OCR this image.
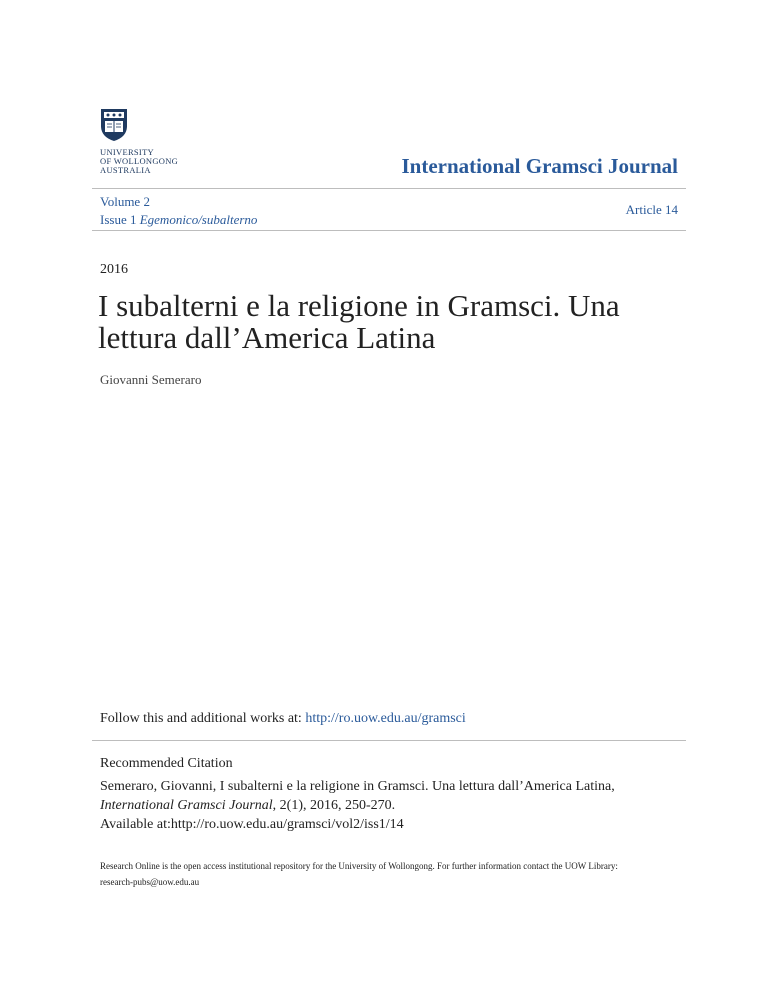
UNIVERSITY
OF WOLLONGONG
AUSTRALIA	International Gramsci Journal
Volume 2
Issue 1 Egemonico/subalterno
Article 14
2016
I subalterni e la religione in Gramsci. Una lettura dall’America Latina
Giovanni Semeraro
Follow this and additional works at: http://ro.uow.edu.au/gramsci
Recommended Citation
Semeraro, Giovanni, I subalterni e la religione in Gramsci. Una lettura dall’America Latina,
International Gramsci Journal, 2(1), 2016, 250-270.
Available at:http://ro.uow.edu.au/gramsci/vol2/iss1/14
Research Online is the open access institutional repository for the University of Wollongong. For further information contact the UOW Library:
research-pubs@uow.edu.au
